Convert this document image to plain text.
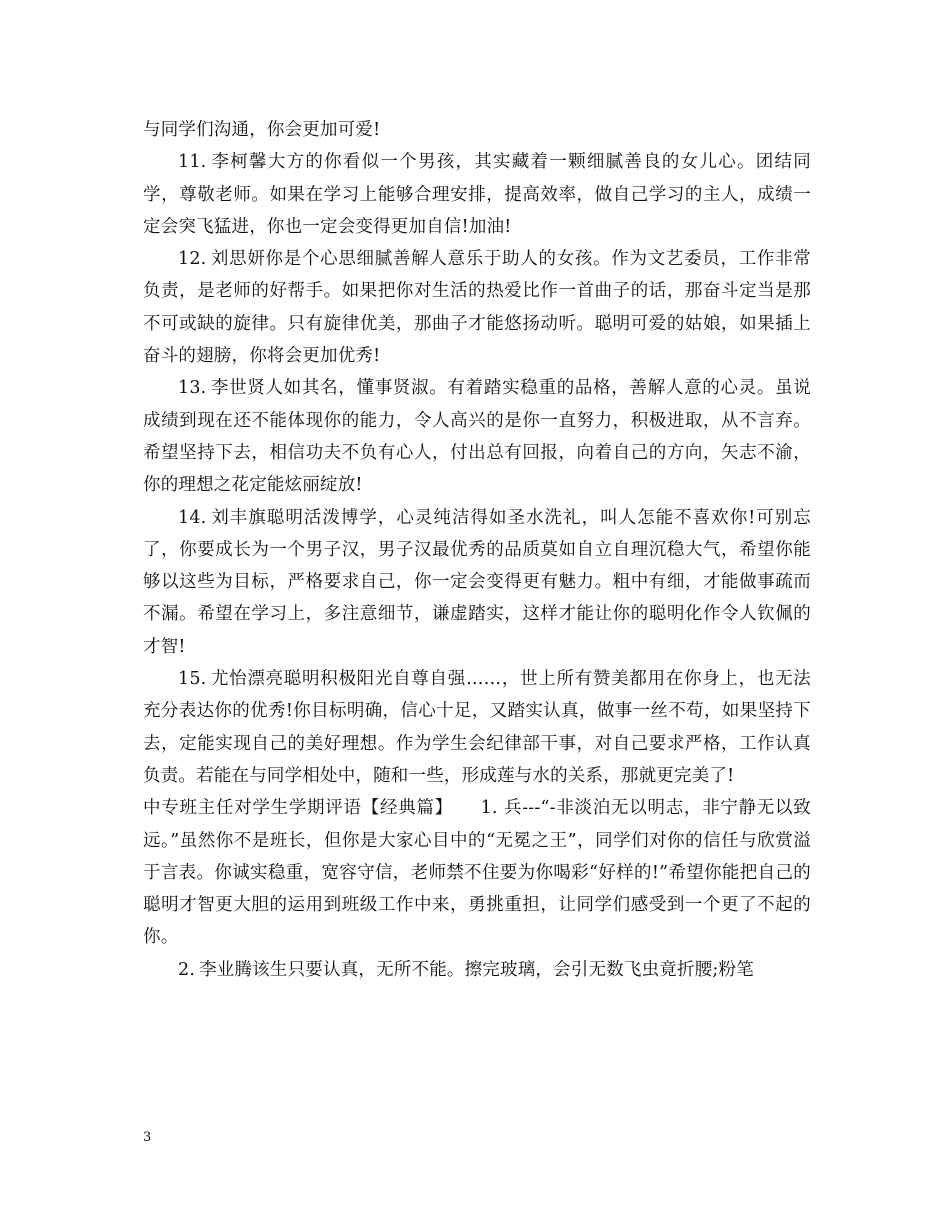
与同学们沟通，你会更加可爱!

11. 李柯馨大方的你看似一个男孩，其实藏着一颗细腻善良的女儿心。团结同学，尊敬老师。如果在学习上能够合理安排，提高效率，做自己学习的主人，成绩一定会突飞猛进，你也一定会变得更加自信!加油!

12. 刘思妍你是个心思细腻善解人意乐于助人的女孩。作为文艺委员，工作非常负责，是老师的好帮手。如果把你对生活的热爱比作一首曲子的话，那奋斗定当是那不可或缺的旋律。只有旋律优美，那曲子才能悠扬动听。聪明可爱的姑娘，如果插上奋斗的翅膀，你将会更加优秀!

13. 李世贤人如其名，懂事贤淑。有着踏实稳重的品格，善解人意的心灵。虽说成绩到现在还不能体现你的能力，令人高兴的是你一直努力，积极进取，从不言弃。希望坚持下去，相信功夫不负有心人，付出总有回报，向着自己的方向，矢志不渝，你的理想之花定能炫丽绽放!

14. 刘丰旗聪明活泼博学，心灵纯洁得如圣水洗礼，叫人怎能不喜欢你!可别忘了，你要成长为一个男子汉，男子汉最优秀的品质莫如自立自理沉稳大气，希望你能够以这些为目标，严格要求自己，你一定会变得更有魅力。粗中有细，才能做事疏而不漏。希望在学习上，多注意细节，谦虚踏实，这样才能让你的聪明化作令人钦佩的才智!

15. 尤怡漂亮聪明积极阳光自尊自强……，世上所有赞美都用在你身上，也无法充分表达你的优秀!你目标明确，信心十足，又踏实认真，做事一丝不苟，如果坚持下去，定能实现自己的美好理想。作为学生会纪律部干事，对自己要求严格，工作认真负责。若能在与同学相处中，随和一些，形成莲与水的关系，那就更完美了!

中专班主任对学生学期评语【经典篇】　　1. 兵---“-非淡泊无以明志，非宁静无以致远。”虽然你不是班长，但你是大家心目中的“无冕之王”，同学们对你的信任与欣赏溢于言表。你诚实稳重，宽容守信，老师禁不住要为你喝彩“好样的!”希望你能把自己的聪明才智更大胆的运用到班级工作中来，勇挑重担，让同学们感受到一个更了不起的你。

2. 李业腾该生只要认真，无所不能。擦完玻璃，会引无数飞虫竟折腰;粉笔

3
